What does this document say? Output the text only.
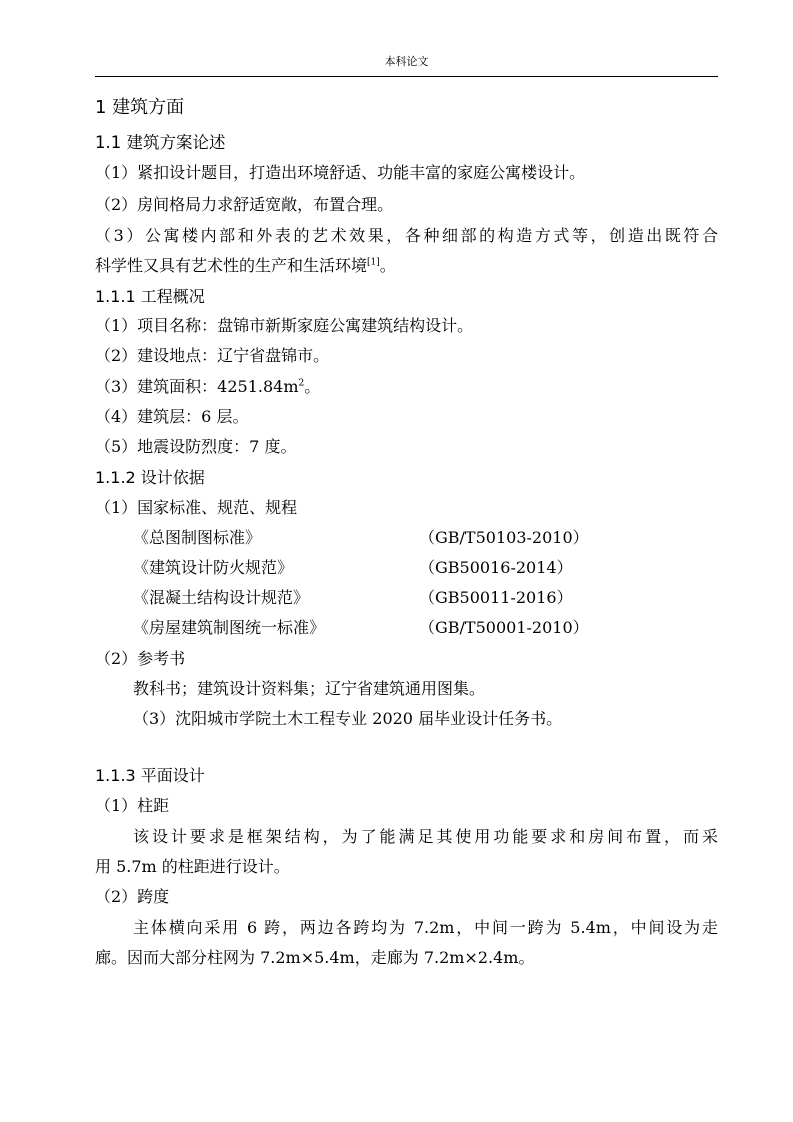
本科论文
1 建筑方面
1.1 建筑方案论述
（1）紧扣设计题目，打造出环境舒适、功能丰富的家庭公寓楼设计。
（2）房间格局力求舒适宽敞，布置合理。
（3）公寓楼内部和外表的艺术效果，各种细部的构造方式等，创造出既符合
科学性又具有艺术性的生产和生活环境[1]。
1.1.1 工程概况
（1）项目名称：盘锦市新斯家庭公寓建筑结构设计。
（2）建设地点：辽宁省盘锦市。
（3）建筑面积：$4251.84m^2$。
（4）建筑层：6 层。
（5）地震设防烈度：7 度。
1.1.2 设计依据
（1）国家标准、规范、规程
《总图制图标准》	（GB/T50103-2010）
《建筑设计防火规范》	（GB50016-2014）
《混凝土结构设计规范》	（GB50011-2016）
《房屋建筑制图统一标准》	（GB/T50001-2010）
（2）参考书
教科书；建筑设计资料集；辽宁省建筑通用图集。
（3）沈阳城市学院土木工程专业 2020 届毕业设计任务书。
1.1.3 平面设计
（1）柱距
该设计要求是框架结构，为了能满足其使用功能要求和房间布置，而采
用 5.7m 的柱距进行设计。
（2）跨度
主体横向采用 6 跨，两边各跨均为 7.2m，中间一跨为 5.4m，中间设为走
廊。因而大部分柱网为 7.2m×5.4m，走廊为 7.2m×2.4m。
